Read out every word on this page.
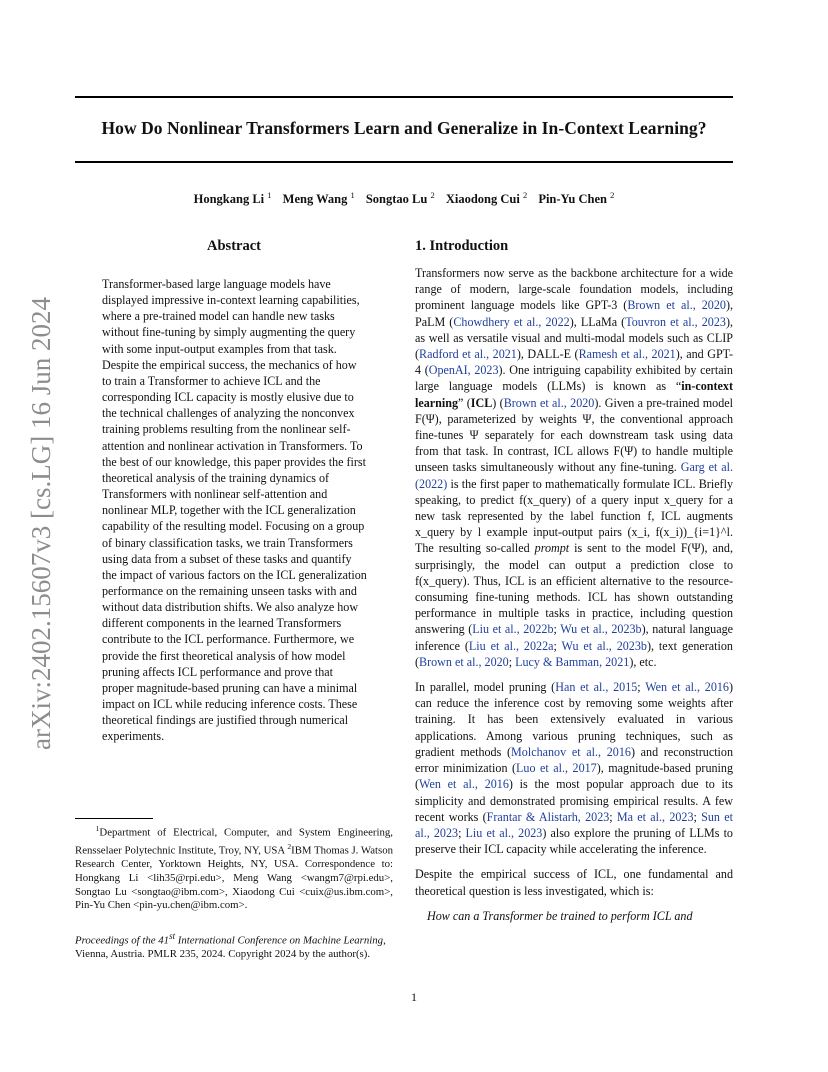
arXiv:2402.15607v3 [cs.LG] 16 Jun 2024
How Do Nonlinear Transformers Learn and Generalize in In-Context Learning?
Hongkang Li $^1$ Meng Wang $^1$ Songtao Lu $^2$ Xiaodong Cui $^2$ Pin-Yu Chen $^2$
Abstract
Transformer-based large language models have displayed impressive in-context learning capabilities, where a pre-trained model can handle new tasks without fine-tuning by simply augmenting the query with some input-output examples from that task. Despite the empirical success, the mechanics of how to train a Transformer to achieve ICL and the corresponding ICL capacity is mostly elusive due to the technical challenges of analyzing the nonconvex training problems resulting from the nonlinear self-attention and nonlinear activation in Transformers. To the best of our knowledge, this paper provides the first theoretical analysis of the training dynamics of Transformers with nonlinear self-attention and nonlinear MLP, together with the ICL generalization capability of the resulting model. Focusing on a group of binary classification tasks, we train Transformers using data from a subset of these tasks and quantify the impact of various factors on the ICL generalization performance on the remaining unseen tasks with and without data distribution shifts. We also analyze how different components in the learned Transformers contribute to the ICL performance. Furthermore, we provide the first theoretical analysis of how model pruning affects ICL performance and prove that proper magnitude-based pruning can have a minimal impact on ICL while reducing inference costs. These theoretical findings are justified through numerical experiments.
$^1$Department of Electrical, Computer, and System Engineering, Rensselaer Polytechnic Institute, Troy, NY, USA $^2$IBM Thomas J. Watson Research Center, Yorktown Heights, NY, USA. Correspondence to: Hongkang Li <lih35@rpi.edu>, Meng Wang <wangm7@rpi.edu>, Songtao Lu <songtao@ibm.com>, Xiaodong Cui <cuix@us.ibm.com>, Pin-Yu Chen <pin-yu.chen@ibm.com>.
Proceedings of the 41st International Conference on Machine Learning, Vienna, Austria. PMLR 235, 2024. Copyright 2024 by the author(s).
1. Introduction

Transformers now serve as the backbone architecture for a wide range of modern, large-scale foundation models, including prominent language models like GPT-3 (Brown et al., 2020), PaLM (Chowdhery et al., 2022), LLaMa (Touvron et al., 2023), as well as versatile visual and multi-modal models such as CLIP (Radford et al., 2021), DALL-E (Ramesh et al., 2021), and GPT-4 (OpenAI, 2023). One intriguing capability exhibited by certain large language models (LLMs) is known as “in-context learning” (ICL) (Brown et al., 2020). Given a pre-trained model F(Ψ), parameterized by weights Ψ, the conventional approach fine-tunes Ψ separately for each downstream task using data from that task. In contrast, ICL allows F(Ψ) to handle multiple unseen tasks simultaneously without any fine-tuning. Garg et al. (2022) is the first paper to mathematically formulate ICL. Briefly speaking, to predict f(x_query) of a query input x_query for a new task represented by the label function f, ICL augments x_query by l example input-output pairs (x_i, f(x_i))_{i=1}^l. The resulting so-called prompt is sent to the model F(Ψ), and, surprisingly, the model can output a prediction close to f(x_query). Thus, ICL is an efficient alternative to the resource-consuming fine-tuning methods. ICL has shown outstanding performance in multiple tasks in practice, including question answering (Liu et al., 2022b; Wu et al., 2023b), natural language inference (Liu et al., 2022a; Wu et al., 2023b), text generation (Brown et al., 2020; Lucy & Bamman, 2021), etc.

In parallel, model pruning (Han et al., 2015; Wen et al., 2016) can reduce the inference cost by removing some weights after training. It has been extensively evaluated in various applications. Among various pruning techniques, such as gradient methods (Molchanov et al., 2016) and reconstruction error minimization (Luo et al., 2017), magnitude-based pruning (Wen et al., 2016) is the most popular approach due to its simplicity and demonstrated promising empirical results. A few recent works (Frantar & Alistarh, 2023; Ma et al., 2023; Sun et al., 2023; Liu et al., 2023) also explore the pruning of LLMs to preserve their ICL capacity while accelerating the inference.

Despite the empirical success of ICL, one fundamental and theoretical question is less investigated, which is:

How can a Transformer be trained to perform ICL and
1
